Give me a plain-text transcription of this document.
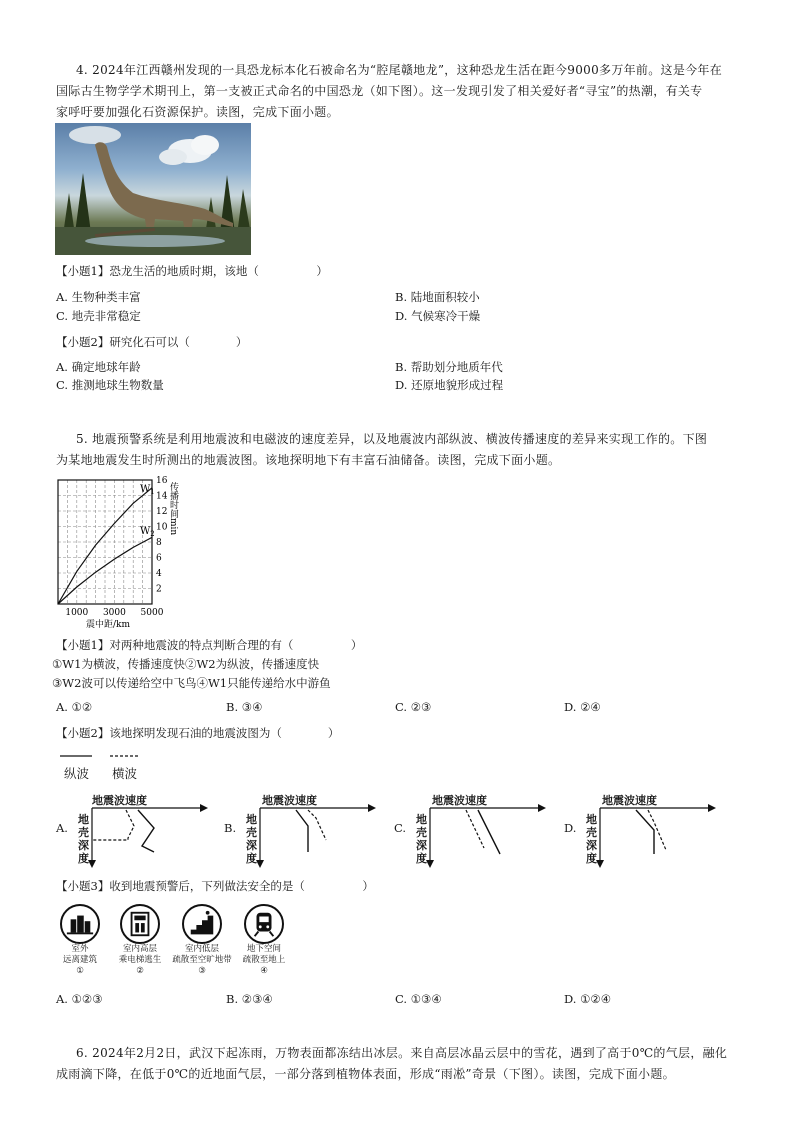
4. 2024年江西赣州发现的一具恐龙标本化石被命名为“腔尾赣地龙”，这种恐龙生活在距今9000多万年前。这是今年在
国际古生物学学术期刊上，第一支被正式命名的中国恐龙（如下图）。这一发现引发了相关爱好者“寻宝”的热潮，有关专
家呼吁要加强化石资源保护。读图，完成下面小题。
【小题1】恐龙生活的地质时期，该地（　　　　　）
A. 生物种类丰富	B. 陆地面积较小
C. 地壳非常稳定	D. 气候寒冷干燥
【小题2】研究化石可以（　　　　）
A. 确定地球年龄	B. 帮助划分地质年代
C. 推测地球生物数量	D. 还原地貌形成过程
5. 地震预警系统是利用地震波和电磁波的速度差异，以及地震波内部纵波、横波传播速度的差异来实现工作的。下图
为某地地震发生时所测出的地震波图。该地探明地下有丰富石油储备。读图，完成下面小题。
16
14
12
10
8
6
4
2
1000 3000 5000
$W_1$
$W_2$ 传播时间min
震中距/km
【小题1】对两种地震波的特点判断合理的有（　　　　　）
①W1为横波，传播速度快②W2为纵波，传播速度快
③W2波可以传递给空中飞鸟④W1只能传递给水中游鱼
A. ①②	B. ③④	C. ②③	D. ②④
【小题2】该地探明发现石油的地震波图为（　　　　）
纵波 横波
A.
地震波速度
地
壳
深
度
B.
地震波速度
地
壳
深
度
C.
地震波速度
地
壳
深
度
D.
地震波速度
地
壳
深
度
【小题3】收到地震预警后，下列做法安全的是（　　　　　）
室外
远离建筑
①
室内高层
乘电梯逃生
②
室内低层
疏散至空旷地带
③
地下空间
疏散至地上
④
A. ①②③	B. ②③④	C. ①③④	D. ①②④
6. 2024年2月2日，武汉下起冻雨，万物表面都冻结出冰层。来自高层冰晶云层中的雪花，遇到了高于0℃的气层，融化
成雨滴下降，在低于0℃的近地面气层，一部分落到植物体表面，形成“雨凇”奇景（下图）。读图，完成下面小题。
